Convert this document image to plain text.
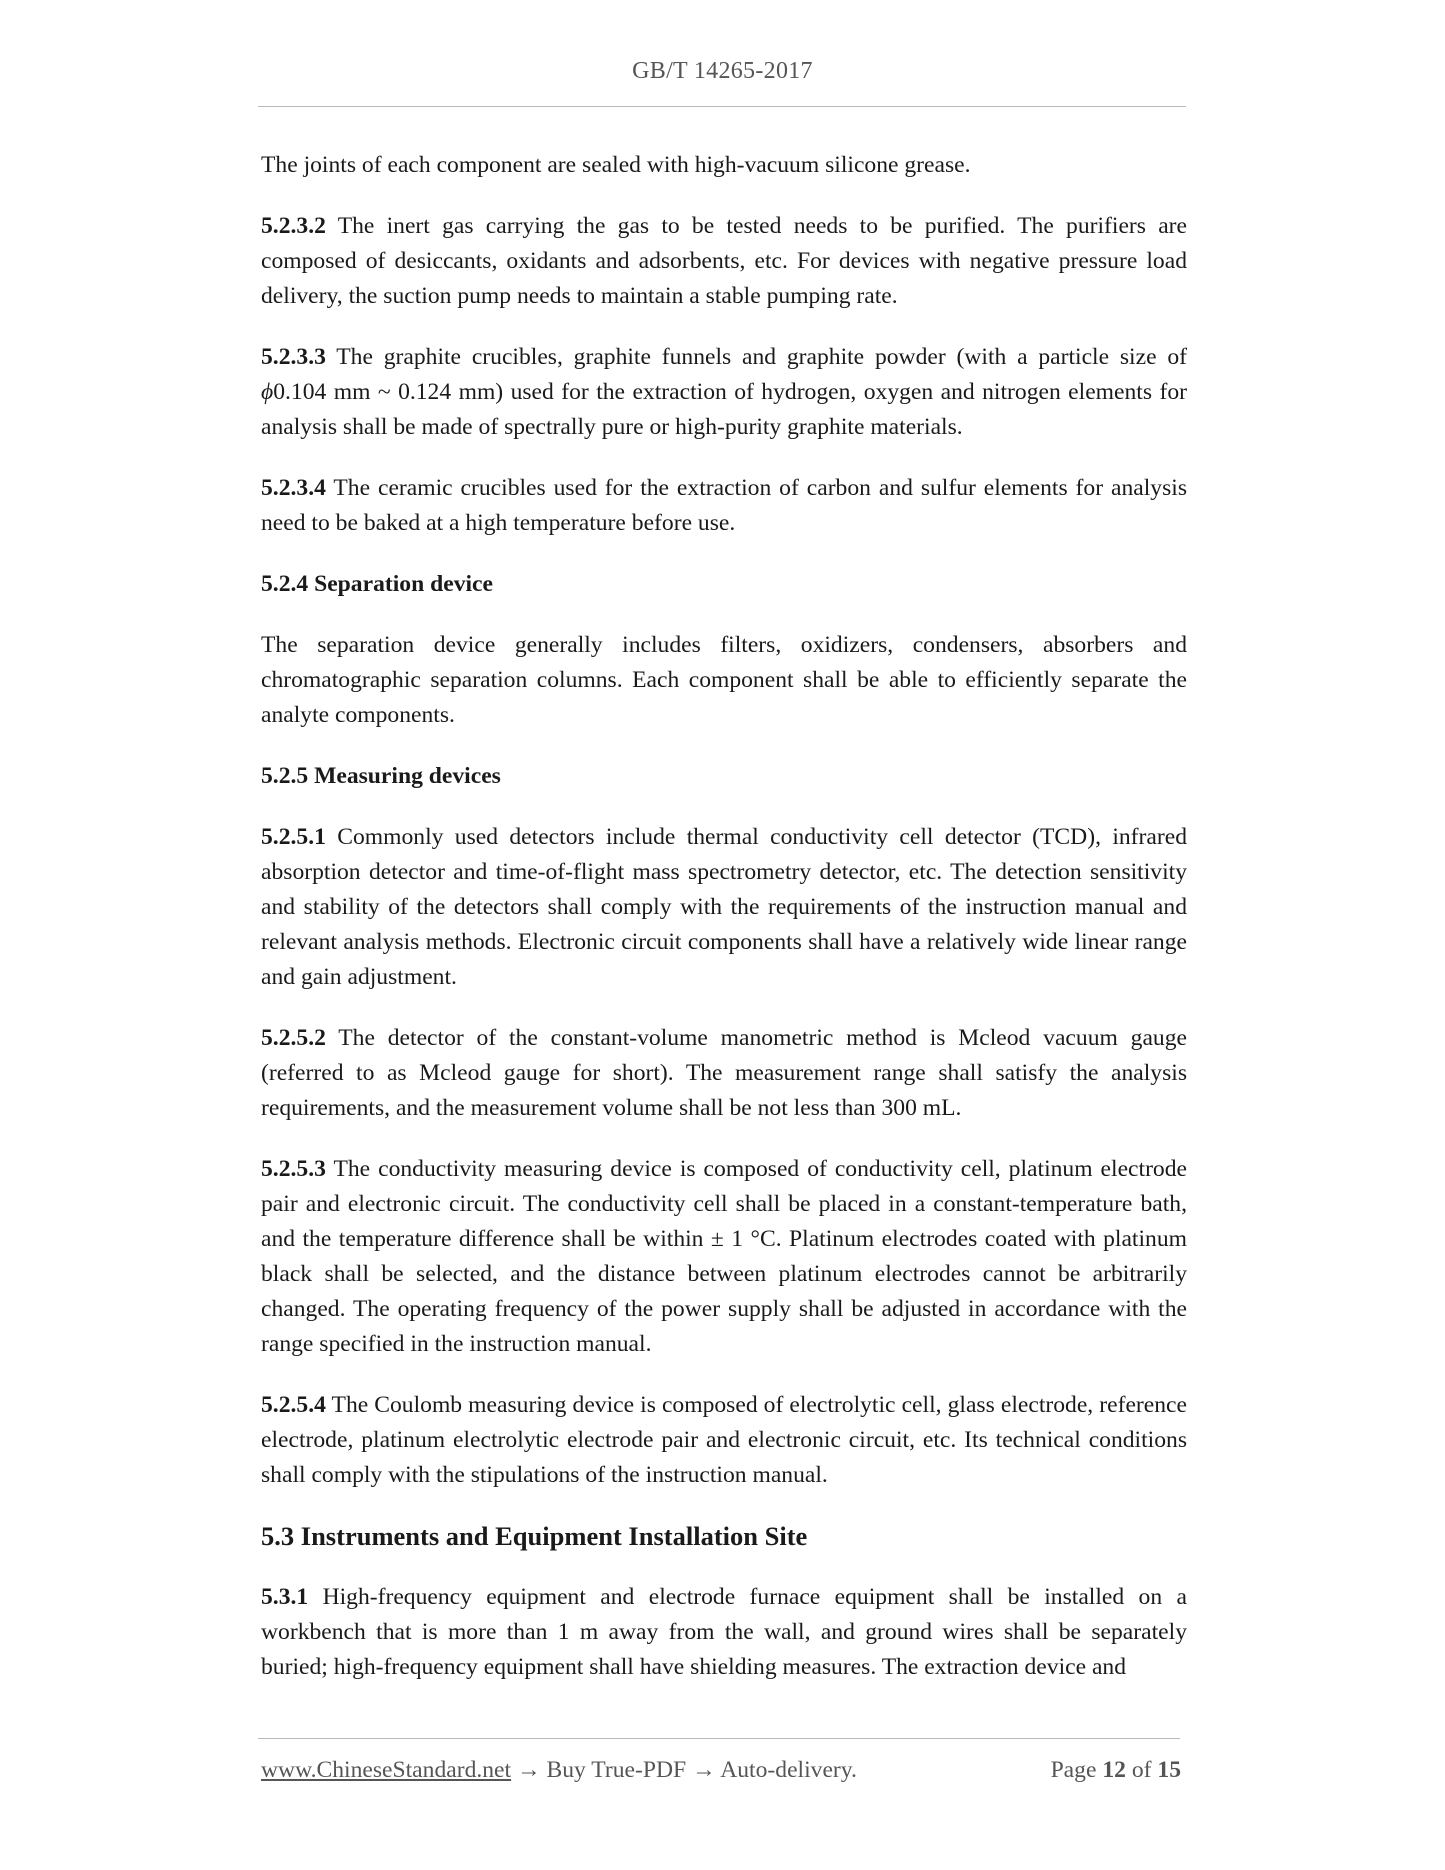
GB/T 14265-2017

The joints of each component are sealed with high-vacuum silicone grease.

5.2.3.2 The inert gas carrying the gas to be tested needs to be purified. The purifiers are composed of desiccants, oxidants and adsorbents, etc. For devices with negative pressure load delivery, the suction pump needs to maintain a stable pumping rate.

5.2.3.3 The graphite crucibles, graphite funnels and graphite powder (with a particle size of ϕ0.104 mm ~ 0.124 mm) used for the extraction of hydrogen, oxygen and nitrogen elements for analysis shall be made of spectrally pure or high-purity graphite materials.

5.2.3.4 The ceramic crucibles used for the extraction of carbon and sulfur elements for analysis need to be baked at a high temperature before use.

5.2.4 Separation device

The separation device generally includes filters, oxidizers, condensers, absorbers and chromatographic separation columns. Each component shall be able to efficiently separate the analyte components.

5.2.5 Measuring devices

5.2.5.1 Commonly used detectors include thermal conductivity cell detector (TCD), infrared absorption detector and time-of-flight mass spectrometry detector, etc. The detection sensitivity and stability of the detectors shall comply with the requirements of the instruction manual and relevant analysis methods. Electronic circuit components shall have a relatively wide linear range and gain adjustment.

5.2.5.2 The detector of the constant-volume manometric method is Mcleod vacuum gauge (referred to as Mcleod gauge for short). The measurement range shall satisfy the analysis requirements, and the measurement volume shall be not less than 300 mL.

5.2.5.3 The conductivity measuring device is composed of conductivity cell, platinum electrode pair and electronic circuit. The conductivity cell shall be placed in a constant-temperature bath, and the temperature difference shall be within ± 1 °C. Platinum electrodes coated with platinum black shall be selected, and the distance between platinum electrodes cannot be arbitrarily changed. The operating frequency of the power supply shall be adjusted in accordance with the range specified in the instruction manual.

5.2.5.4 The Coulomb measuring device is composed of electrolytic cell, glass electrode, reference electrode, platinum electrolytic electrode pair and electronic circuit, etc. Its technical conditions shall comply with the stipulations of the instruction manual.

5.3 Instruments and Equipment Installation Site

5.3.1 High-frequency equipment and electrode furnace equipment shall be installed on a workbench that is more than 1 m away from the wall, and ground wires shall be separately buried; high-frequency equipment shall have shielding measures. The extraction device and

www.ChineseStandard.net → Buy True-PDF → Auto-delivery.	Page 12 of 15
